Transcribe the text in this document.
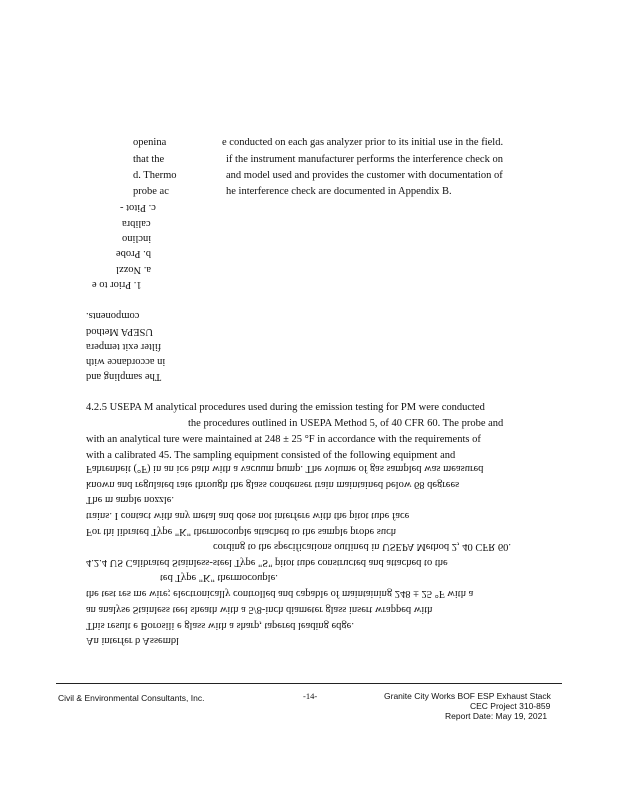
openina
that the
d. Thermo
probe ac
e conducted on each gas analyzer prior to its initial use in the field.
if the instrument manufacturer performs the interference check on
and model used and provides the customer with documentation of
he interference check are documented in Appendix B.
c. Pitot -
calibra
inclino
b. Probe
a. Nozzl
1. Prior to e
components.
USEPA Method
filter exit tempera
in accordance with
The sampling and
4.2.5 USEPA M analytical procedures used during the emission testing for PM were conducted
the procedures outlined in USEPA Method 5, of 40 CFR 60. The probe and
with an analytical ture were maintained at 248 ± 25 °F in accordance with the requirements of
with a calibrated 45. The sampling equipment consisted of the following equipment and
Fahrenheit (°F) in an ice bath with a vacuum pump. The volume of gas sampled was measured
known and regulated rate through the glass condenser train maintained below 68 degrees
The m ample nozzle.
trains. I contact with any metal and does not interfere with the pitot tube face
For thi librated Type "K" thermocouple attached to the sample probe such
cording to the specifications outlined in USEPA Method 2, 40 CFR 60.
4.2.4 US Calibrated Stainless-steel Type "S" pitot tube constructed and attached to the
ted Type "K" thermocouple.
the test res me wire; electronically controlled and capable of maintaining 248 ± 25 °F with a
an analyse Stainless teel sheath with a 5/8-inch diameter glass insert wrapped with
This result e Borosili e glass with a sharp, tapered leading edge.
An interfer b Assembl
Civil & Environmental Consultants, Inc.	-14-	Granite City Works BOF ESP Exhaust Stack
CEC Project 310-859
Report Date: May 19, 2021
